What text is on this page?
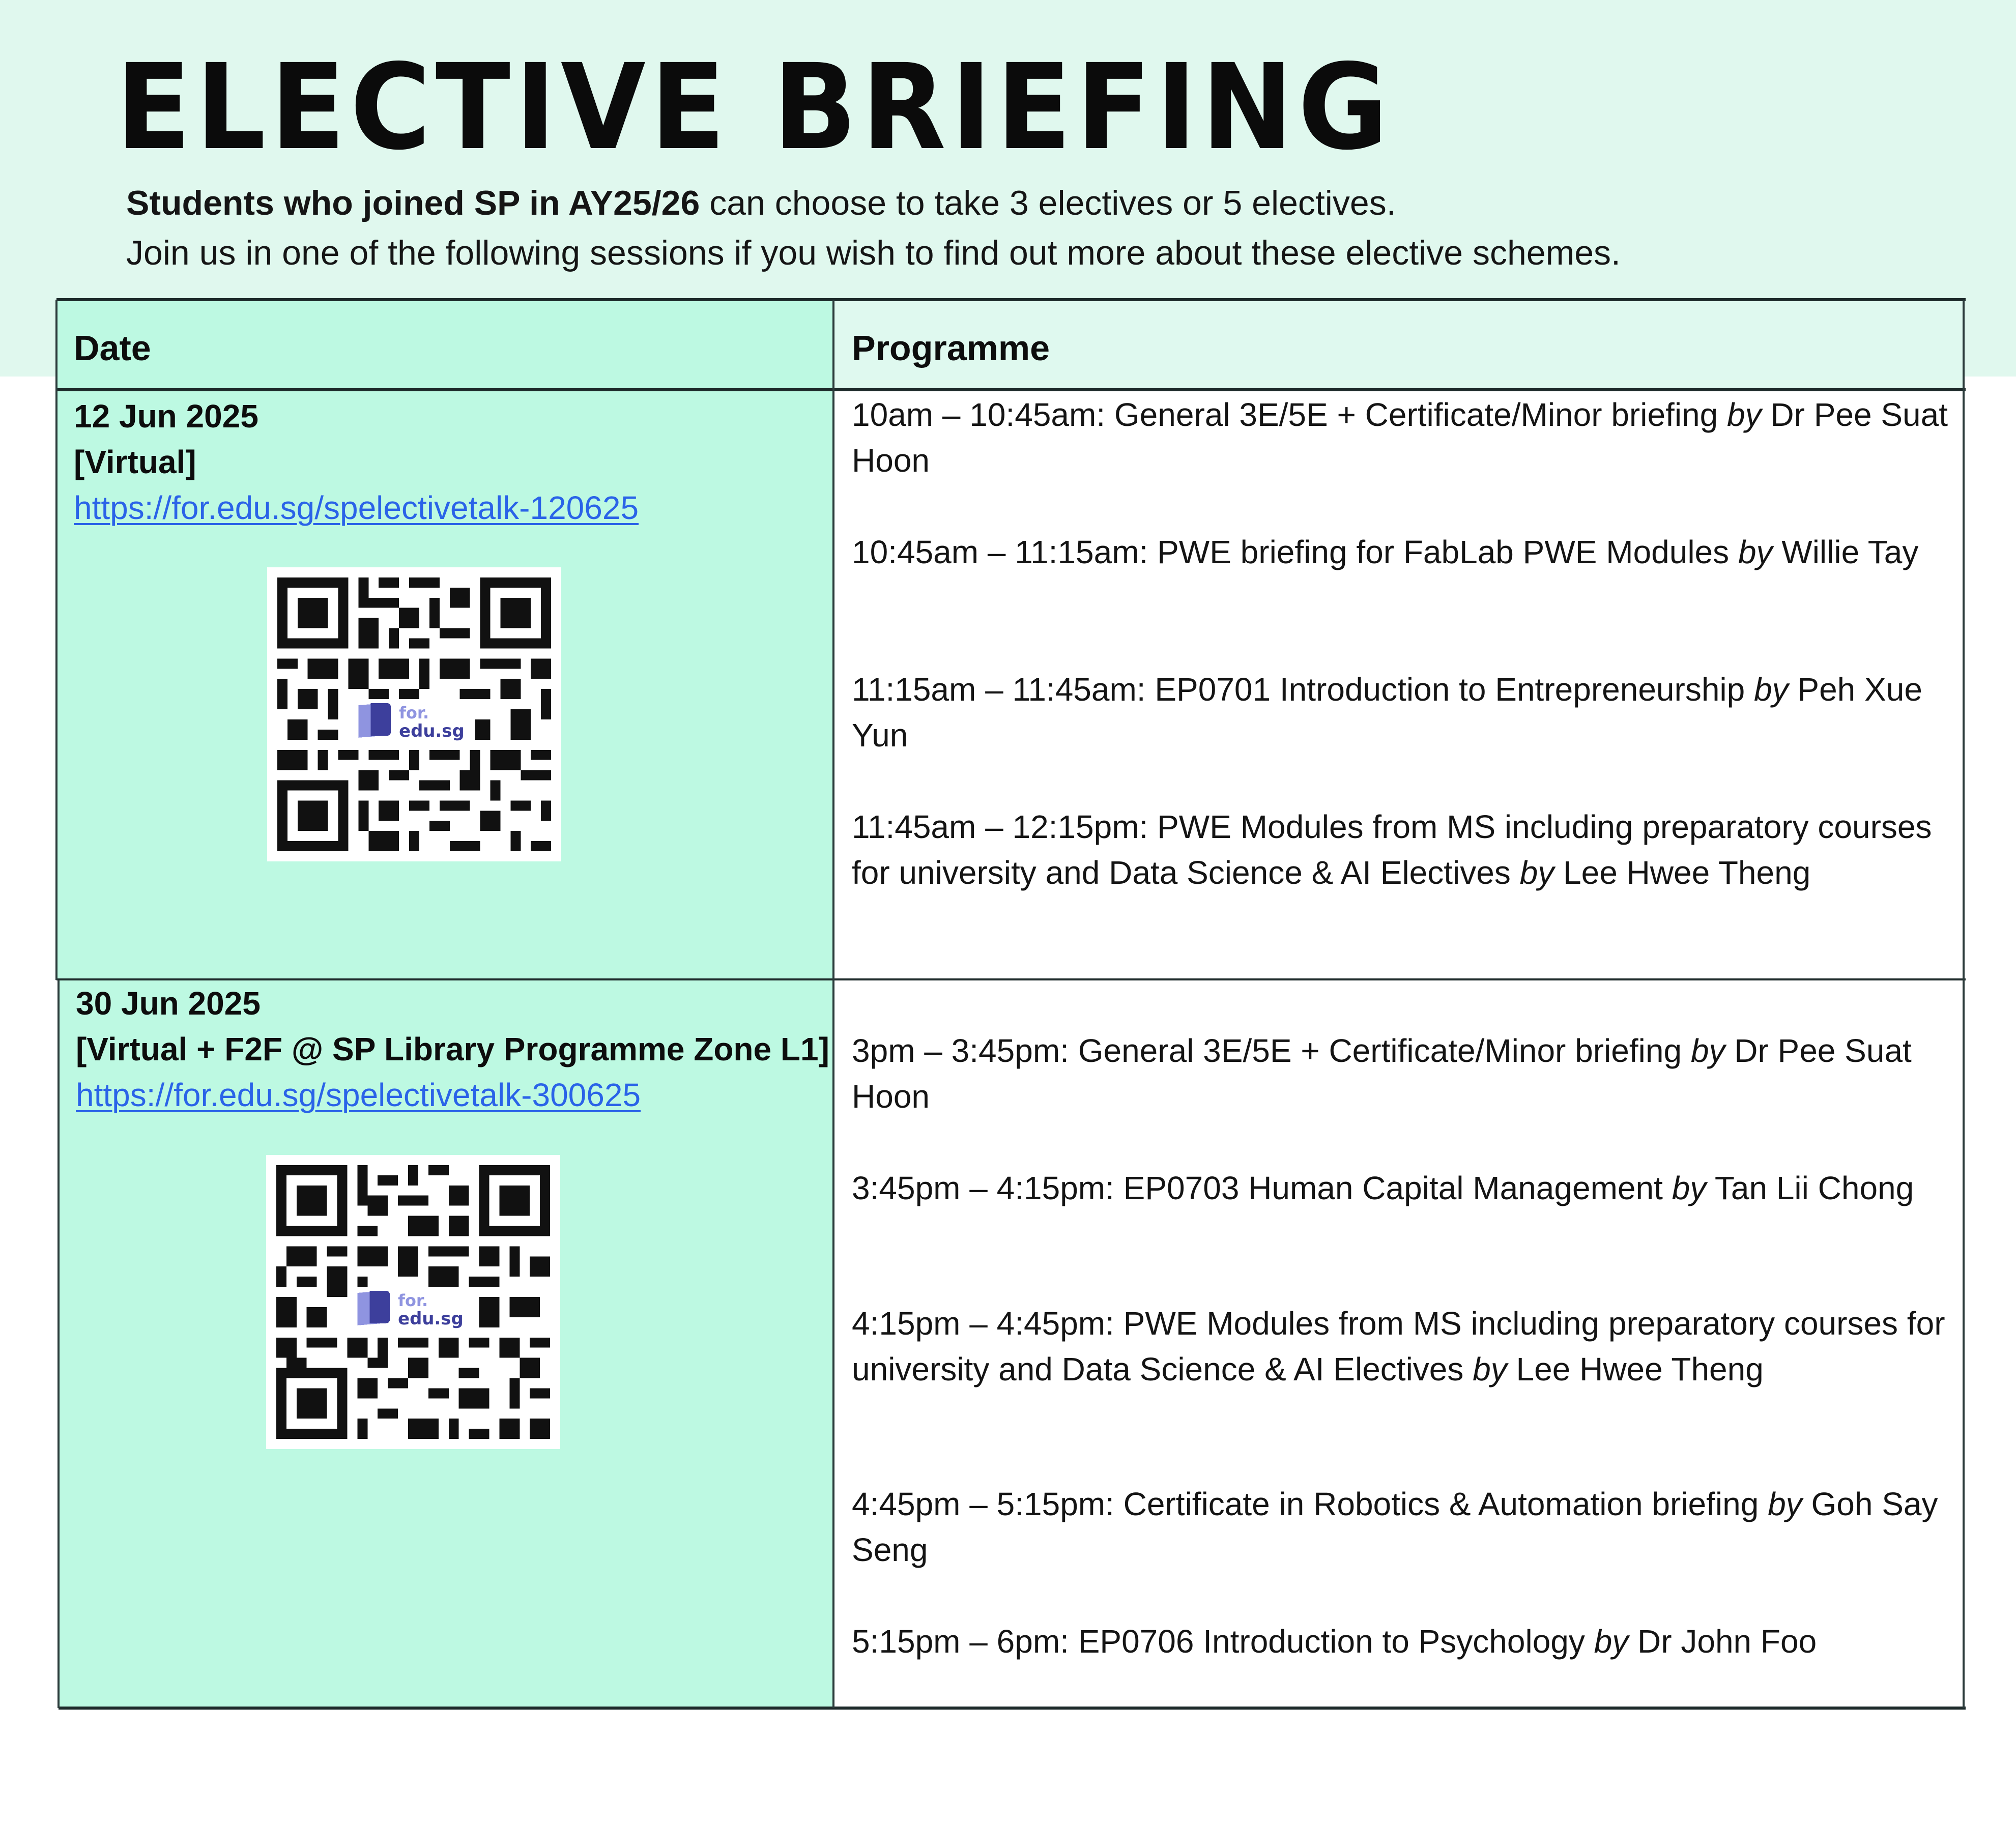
ELECTIVE BRIEFING
Students who joined SP in AY25/26 can choose to take 3 electives or 5 electives.
Join us in one of the following sessions if you wish to find out more about these elective schemes.
Date	Programme
12 Jun 2025
[Virtual]
https://for.edu.sg/spelectivetalk-120625
for.
edu.sg
10am – 10:45am: General 3E/5E + Certificate/Minor briefing by Dr Pee Suat Hoon
10:45am – 11:15am: PWE briefing for FabLab PWE Modules by Willie Tay
11:15am – 11:45am: EP0701 Introduction to Entrepreneurship by Peh Xue Yun
11:45am – 12:15pm: PWE Modules from MS including preparatory courses for university and Data Science & AI Electives by Lee Hwee Theng
30 Jun 2025
[Virtual + F2F @ SP Library Programme Zone L1]
https://for.edu.sg/spelectivetalk-300625
for.
edu.sg
3pm – 3:45pm: General 3E/5E + Certificate/Minor briefing by Dr Pee Suat Hoon
3:45pm – 4:15pm: EP0703 Human Capital Management by Tan Lii Chong
4:15pm – 4:45pm: PWE Modules from MS including preparatory courses for university and Data Science & AI Electives by Lee Hwee Theng
4:45pm – 5:15pm: Certificate in Robotics & Automation briefing by Goh Say Seng
5:15pm – 6pm: EP0706 Introduction to Psychology by Dr John Foo
